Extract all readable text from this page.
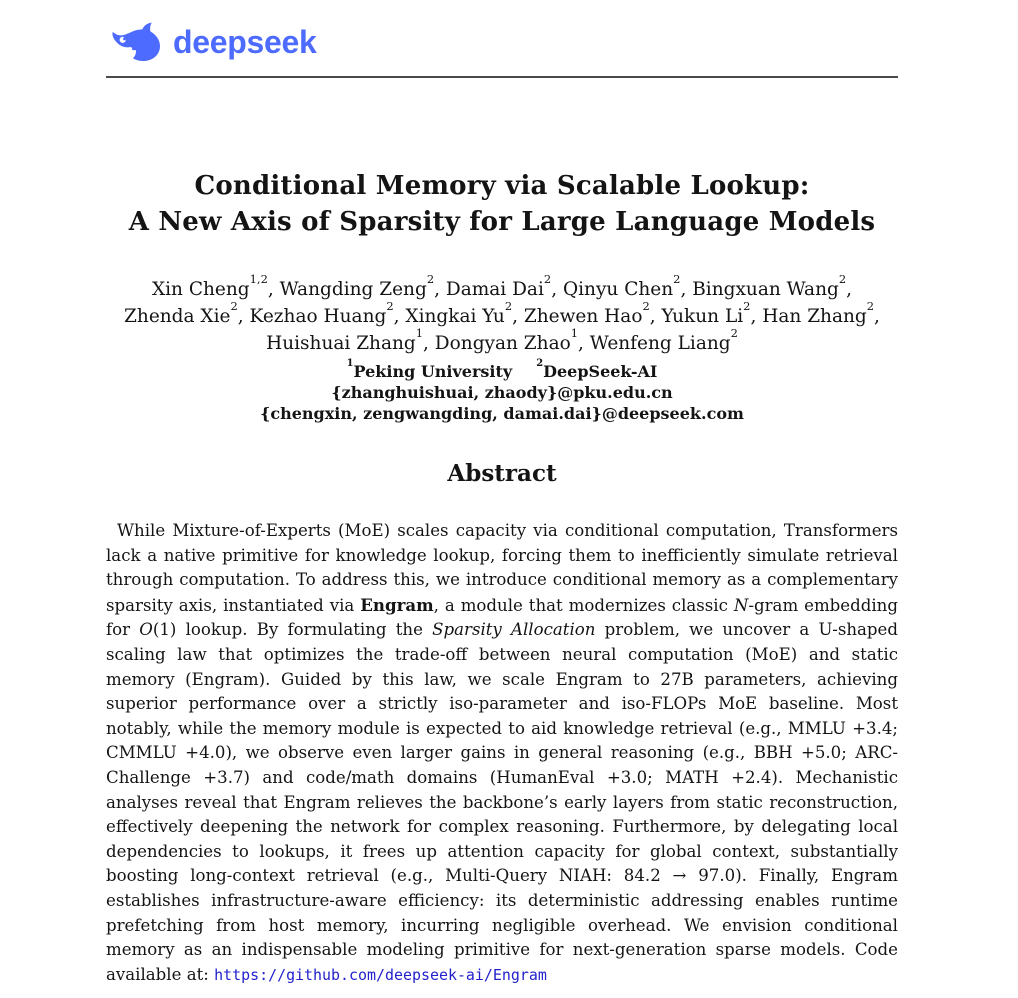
deepseek
Conditional Memory via Scalable Lookup:
A New Axis of Sparsity for Large Language Models
Xin Cheng$^{1,2}$, Wangding Zeng$^2$, Damai Dai$^2$, Qinyu Chen$^2$, Bingxuan Wang$^2$,
Zhenda Xie$^2$, Kezhao Huang$^2$, Xingkai Yu$^2$, Zhewen Hao$^2$, Yukun Li$^2$, Han Zhang$^2$,
Huishuai Zhang$^1$, Dongyan Zhao$^1$, Wenfeng Liang$^2$
$^1$Peking University   $^2$DeepSeek-AI
{zhanghuishuai, zhaody}@pku.edu.cn
{chengxin, zengwangding, damai.dai}@deepseek.com
Abstract

While Mixture-of-Experts (MoE) scales capacity via conditional computation, Transformers lack a native primitive for knowledge lookup, forcing them to inefficiently simulate retrieval through computation. To address this, we introduce conditional memory as a complementary sparsity axis, instantiated via Engram, a module that modernizes classic N-gram embedding for O(1) lookup. By formulating the Sparsity Allocation problem, we uncover a U-shaped scaling law that optimizes the trade-off between neural computation (MoE) and static memory (Engram). Guided by this law, we scale Engram to 27B parameters, achieving superior performance over a strictly iso-parameter and iso-FLOPs MoE baseline. Most notably, while the memory module is expected to aid knowledge retrieval (e.g., MMLU +3.4; CMMLU +4.0), we observe even larger gains in general reasoning (e.g., BBH +5.0; ARC-Challenge +3.7) and code/math domains (HumanEval +3.0; MATH +2.4). Mechanistic analyses reveal that Engram relieves the backbone’s early layers from static reconstruction, effectively deepening the network for complex reasoning. Furthermore, by delegating local dependencies to lookups, it frees up attention capacity for global context, substantially boosting long-context retrieval (e.g., Multi-Query NIAH: 84.2 → 97.0). Finally, Engram establishes infrastructure-aware efficiency: its deterministic addressing enables runtime prefetching from host memory, incurring negligible overhead. We envision conditional memory as an indispensable modeling primitive for next-generation sparse models. Code available at: https://github.com/deepseek-ai/Engram
